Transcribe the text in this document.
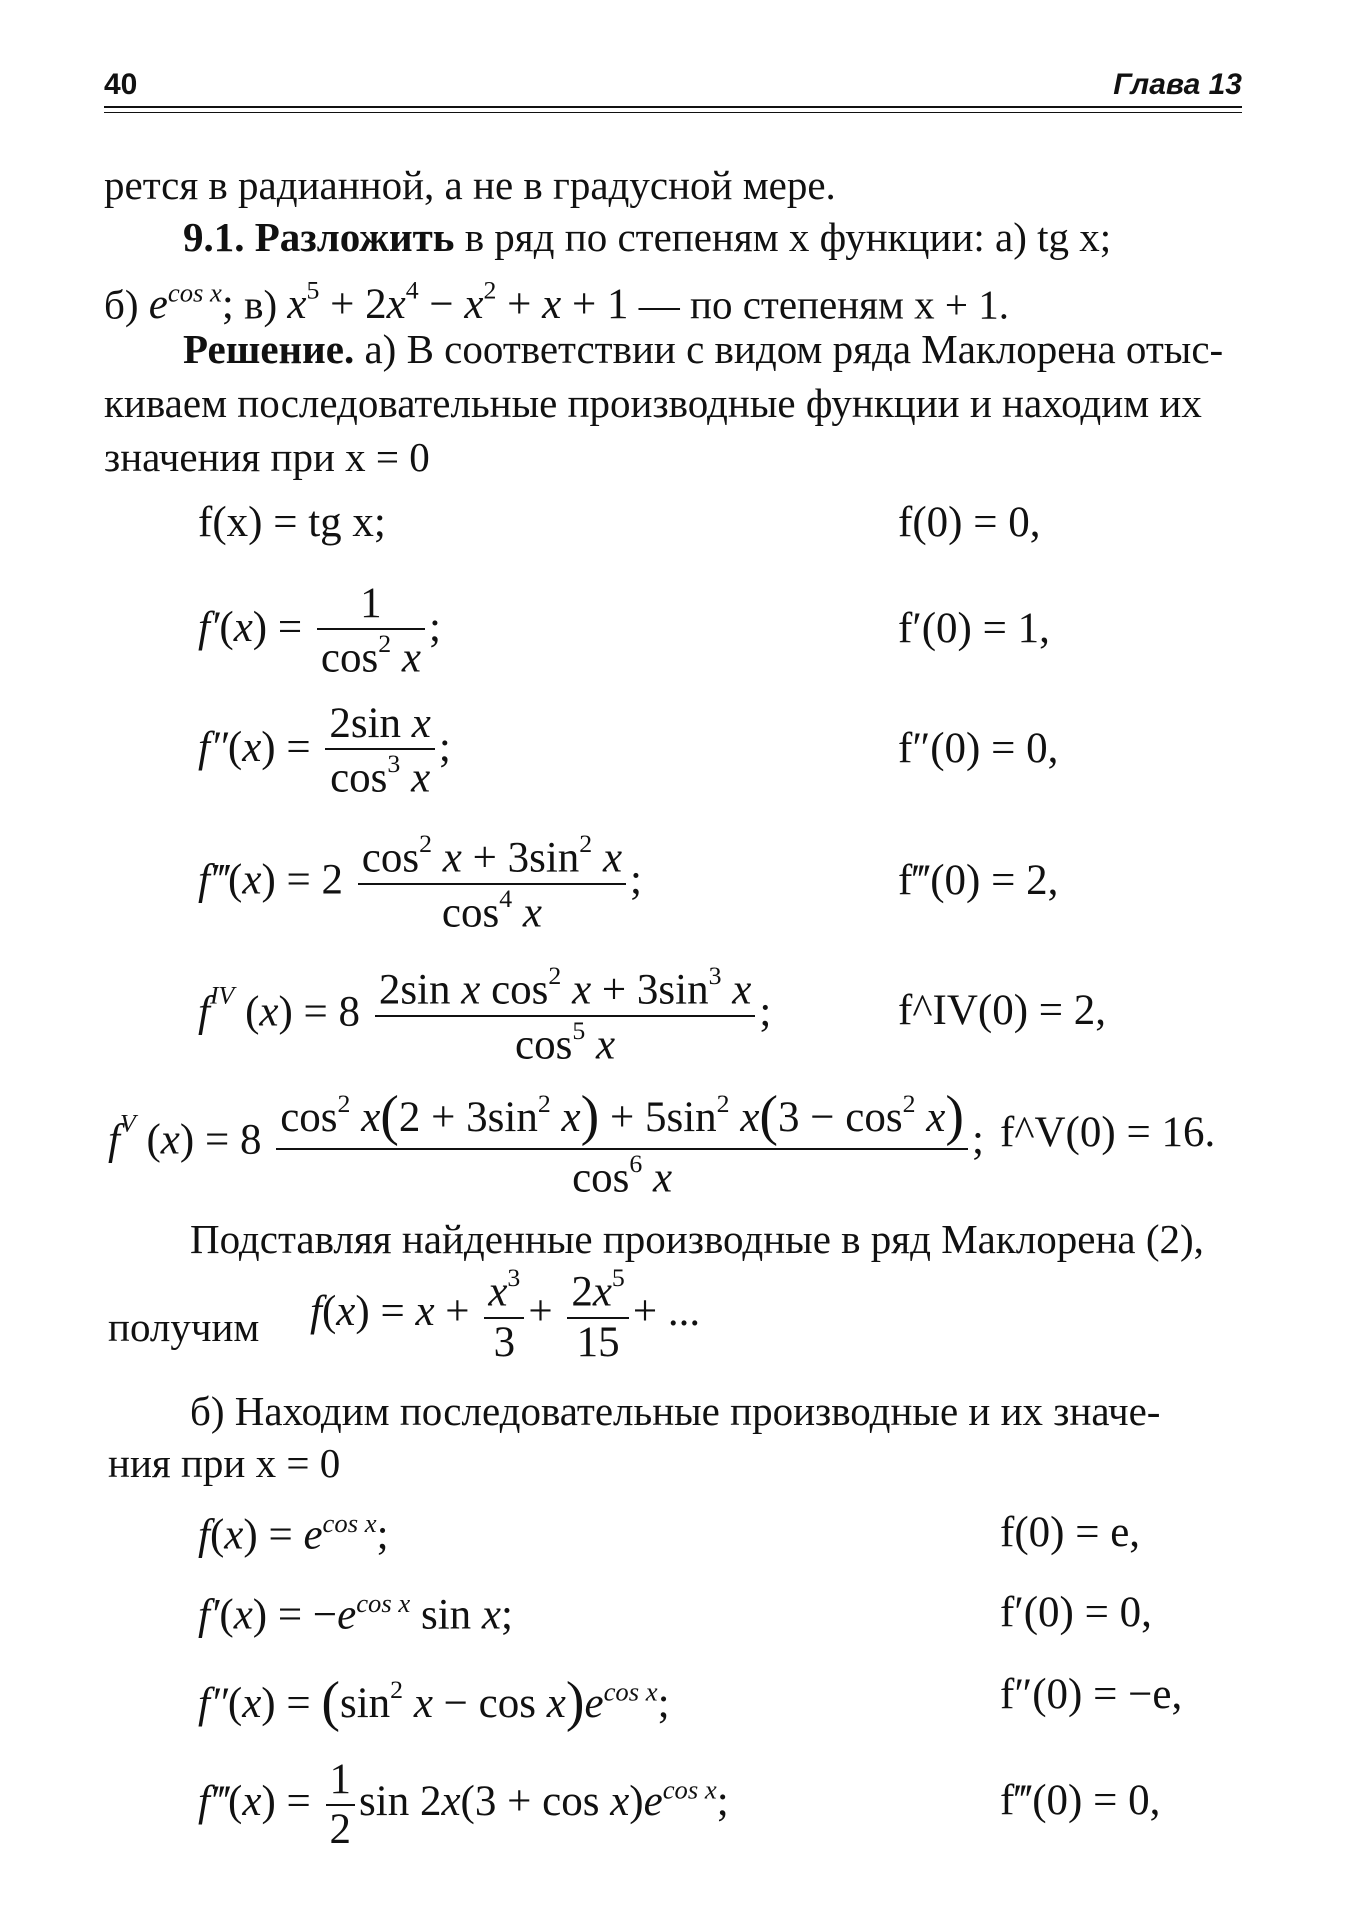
40	Глава 13
рется в радианной, а не в градусной мере.
9.1. Разложить в ряд по степеням x функции: а) tg x;
б) $e^{cos x}$; в) $x^5 + 2x^4 - x^2 + x + 1$ — по степеням x + 1.
Решение. а) В соответствии с видом ряда Маклорена отыс-
киваем последовательные производные функции и находим их
значения при x = 0
f(x) = tg x;
$f'(x) = \frac{1}{\cos^2 x}$ ;
$f''(x) = \frac{\text{2sin x}}{\cos^3 x}$ ;
f‴(x) = $2 \frac{\cos^2 x + 3\sin^2 x}{\cos^4 x}$ ;
$f^{IV}$ $(x) = 8 \frac{2\sin x \cos^2 x + 3\sin^3 x}{\cos^5 x}$ ;
$f^V$ $(x) = 8 \frac{\cos^2 x(2 + 3\sin^2 x) + 5\sin^2 x(3 - \cos^2 x)}{\cos^6 x}$ ;
f(0) = 0,
f′(0) = 1,
f″(0) = 0,
f‴(0) = 2,
f^IV(0) = 2,
f^V(0) = 16.
Подставляя найденные производные в ряд Маклорена (2),
получим $f(x) = x + \frac{x^3}{3} + \frac{2x^5}{15}$ + ...
б) Находим последовательные производные и их значе-
ния при x = 0
$f(x) = e^{cos x}$;
$f'(x) = -e^{cos x}$ sin x;
$f''(x) = (\sin^2$ $x - \cos x)e^{cos x}$;
f‴(x) = $\frac{1}{2}$ $\sin 2x(3 + \cos x)e^{cos x}$;
f(0) = e,
f′(0) = 0,
f″(0) = −e,
f‴(0) = 0,
